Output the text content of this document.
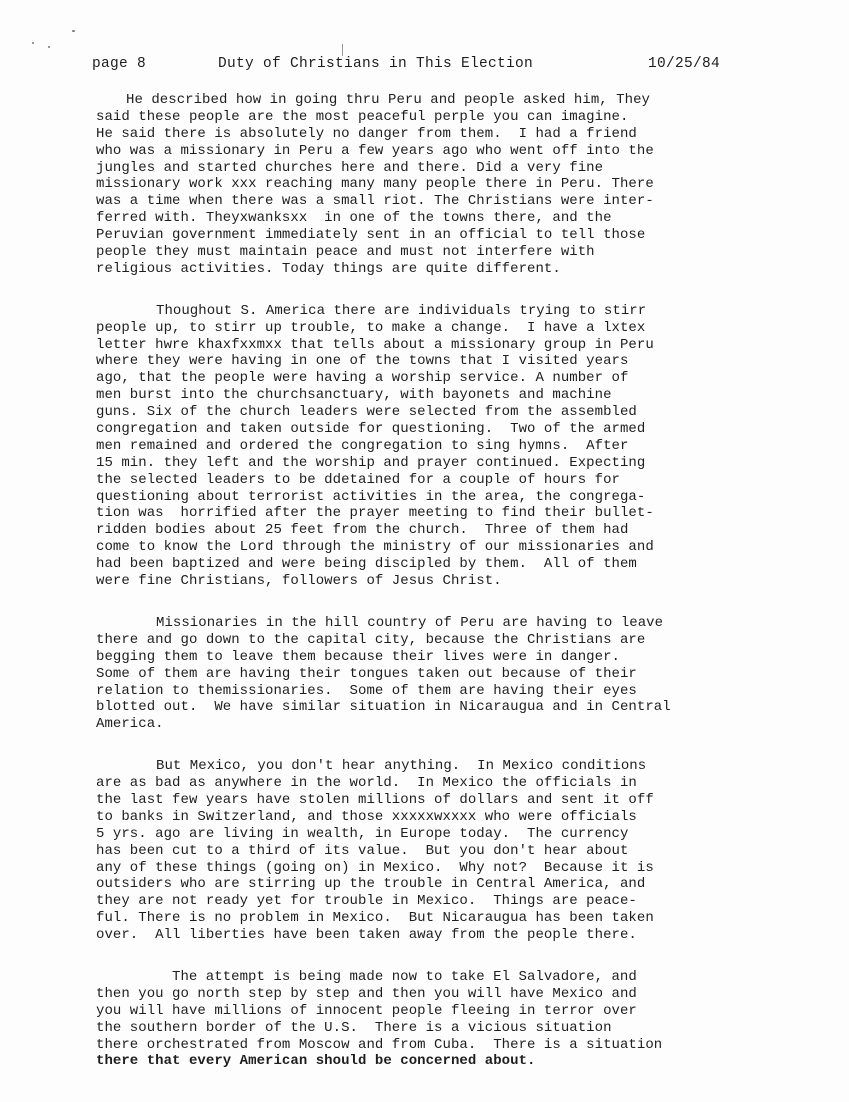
page 8	Duty of Christians in This Election	10/25/84
He described how in going thru Peru and people asked him, They
said these people are the most peaceful perple you can imagine.
He said there is absolutely no danger from them.  I had a friend
who was a missionary in Peru a few years ago who went off into the
jungles and started churches here and there. Did a very fine
missionary work xxx reaching many many people there in Peru. There
was a time when there was a small riot. The Christians were inter-
ferred with. Theyxwanksxx  in one of the towns there, and the
Peruvian government immediately sent in an official to tell those
people they must maintain peace and must not interfere with
religious activities. Today things are quite different.
Thoughout S. America there are individuals trying to stirr
people up, to stirr up trouble, to make a change.  I have a lxtex
letter hwre khaxfxxmxx that tells about a missionary group in Peru
where they were having in one of the towns that I visited years
ago, that the people were having a worship service. A number of
men burst into the churchsanctuary, with bayonets and machine
guns. Six of the church leaders were selected from the assembled
congregation and taken outside for questioning.  Two of the armed
men remained and ordered the congregation to sing hymns.  After
15 min. they left and the worship and prayer continued. Expecting
the selected leaders to be ddetained for a couple of hours for
questioning about terrorist activities in the area, the congrega-
tion was  horrified after the prayer meeting to find their bullet-
ridden bodies about 25 feet from the church.  Three of them had
come to know the Lord through the ministry of our missionaries and
had been baptized and were being discipled by them.  All of them
were fine Christians, followers of Jesus Christ.
Missionaries in the hill country of Peru are having to leave
there and go down to the capital city, because the Christians are
begging them to leave them because their lives were in danger.
Some of them are having their tongues taken out because of their
relation to themissionaries.  Some of them are having their eyes
blotted out.  We have similar situation in Nicaraugua and in Central
America.
But Mexico, you don't hear anything.  In Mexico conditions
are as bad as anywhere in the world.  In Mexico the officials in
the last few years have stolen millions of dollars and sent it off
to banks in Switzerland, and those xxxxxwxxxx who were officials
5 yrs. ago are living in wealth, in Europe today.  The currency
has been cut to a third of its value.  But you don't hear about
any of these things (going on) in Mexico.  Why not?  Because it is
outsiders who are stirring up the trouble in Central America, and
they are not ready yet for trouble in Mexico.  Things are peace-
ful. There is no problem in Mexico.  But Nicaraugua has been taken
over.  All liberties have been taken away from the people there.
The attempt is being made now to take El Salvadore, and
then you go north step by step and then you will have Mexico and
you will have millions of innocent people fleeing in terror over
the southern border of the U.S.  There is a vicious situation
there orchestrated from Moscow and from Cuba.  There is a situation
there that every American should be concerned about.
